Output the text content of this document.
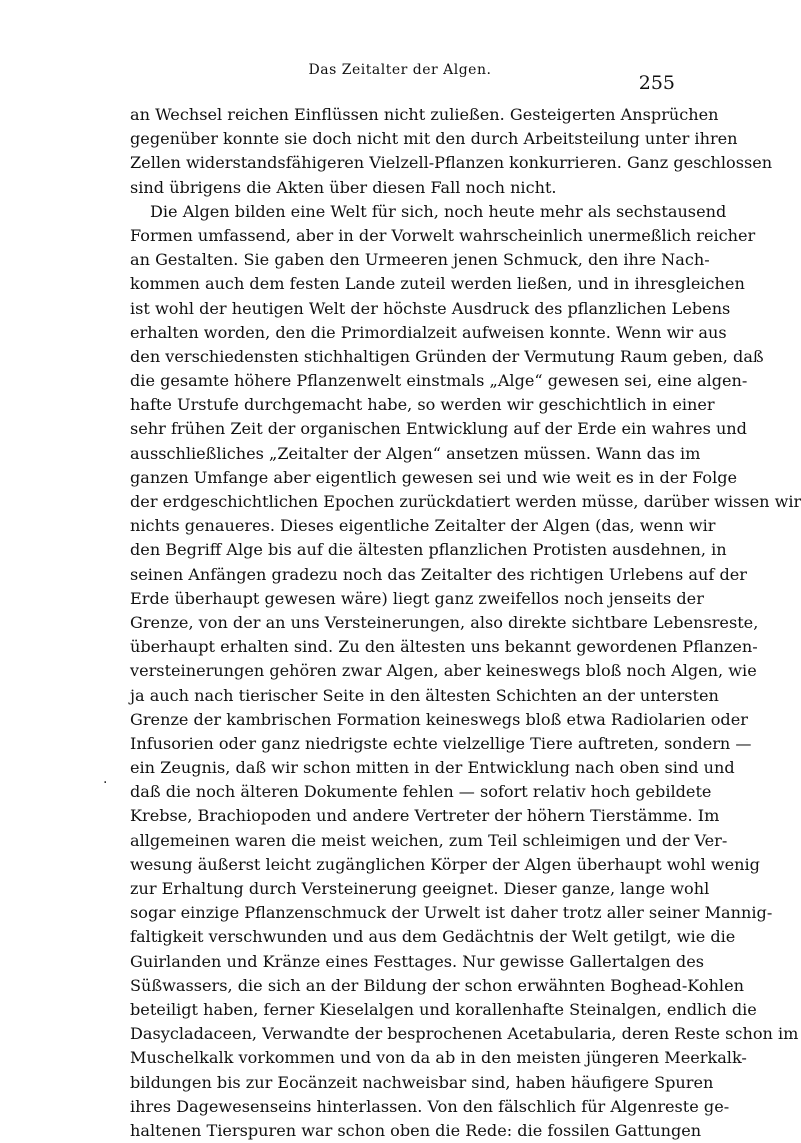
Das Zeitalter der Algen.
255
an Wechsel reichen Einflüssen nicht zuließen. Gesteigerten Ansprüchen
gegenüber konnte sie doch nicht mit den durch Arbeitsteilung unter ihren
Zellen widerstandsfähigeren Vielzell-Pflanzen konkurrieren. Ganz geschlossen
sind übrigens die Akten über diesen Fall noch nicht.
Die Algen bilden eine Welt für sich, noch heute mehr als sechstausend
Formen umfassend, aber in der Vorwelt wahrscheinlich unermeßlich reicher
an Gestalten. Sie gaben den Urmeeren jenen Schmuck, den ihre Nach-
kommen auch dem festen Lande zuteil werden ließen, und in ihresgleichen
ist wohl der heutigen Welt der höchste Ausdruck des pflanzlichen Lebens
erhalten worden, den die Primordialzeit aufweisen konnte. Wenn wir aus
den verschiedensten stichhaltigen Gründen der Vermutung Raum geben, daß
die gesamte höhere Pflanzenwelt einstmals „Alge“ gewesen sei, eine algen-
hafte Urstufe durchgemacht habe, so werden wir geschichtlich in einer
sehr frühen Zeit der organischen Entwicklung auf der Erde ein wahres und
ausschließliches „Zeitalter der Algen“ ansetzen müssen. Wann das im
ganzen Umfange aber eigentlich gewesen sei und wie weit es in der Folge
der erdgeschichtlichen Epochen zurückdatiert werden müsse, darüber wissen wir
nichts genaueres. Dieses eigentliche Zeitalter der Algen (das, wenn wir
den Begriff Alge bis auf die ältesten pflanzlichen Protisten ausdehnen, in
seinen Anfängen gradezu noch das Zeitalter des richtigen Urlebens auf der
Erde überhaupt gewesen wäre) liegt ganz zweifellos noch jenseits der
Grenze, von der an uns Versteinerungen, also direkte sichtbare Lebensreste,
überhaupt erhalten sind. Zu den ältesten uns bekannt gewordenen Pflanzen-
versteinerungen gehören zwar Algen, aber keineswegs bloß noch Algen, wie
ja auch nach tierischer Seite in den ältesten Schichten an der untersten
Grenze der kambrischen Formation keineswegs bloß etwa Radiolarien oder
Infusorien oder ganz niedrigste echte vielzellige Tiere auftreten, sondern —
ein Zeugnis, daß wir schon mitten in der Entwicklung nach oben sind und
daß die noch älteren Dokumente fehlen — sofort relativ hoch gebildete
Krebse, Brachiopoden und andere Vertreter der höhern Tierstämme. Im
allgemeinen waren die meist weichen, zum Teil schleimigen und der Ver-
wesung äußerst leicht zugänglichen Körper der Algen überhaupt wohl wenig
zur Erhaltung durch Versteinerung geeignet. Dieser ganze, lange wohl
sogar einzige Pflanzenschmuck der Urwelt ist daher trotz aller seiner Mannig-
faltigkeit verschwunden und aus dem Gedächtnis der Welt getilgt, wie die
Guirlanden und Kränze eines Festtages. Nur gewisse Gallertalgen des
Süßwassers, die sich an der Bildung der schon erwähnten Boghead-Kohlen
beteiligt haben, ferner Kieselalgen und korallenhafte Steinalgen, endlich die
Dasycladaceen, Verwandte der besprochenen Acetabularia, deren Reste schon im
Muschelkalk vorkommen und von da ab in den meisten jüngeren Meerkalk-
bildungen bis zur Eocänzeit nachweisbar sind, haben häufigere Spuren
ihres Dagewesenseins hinterlassen. Von den fälschlich für Algenreste ge-
haltenen Tierspuren war schon oben die Rede: die fossilen Gattungen
·
